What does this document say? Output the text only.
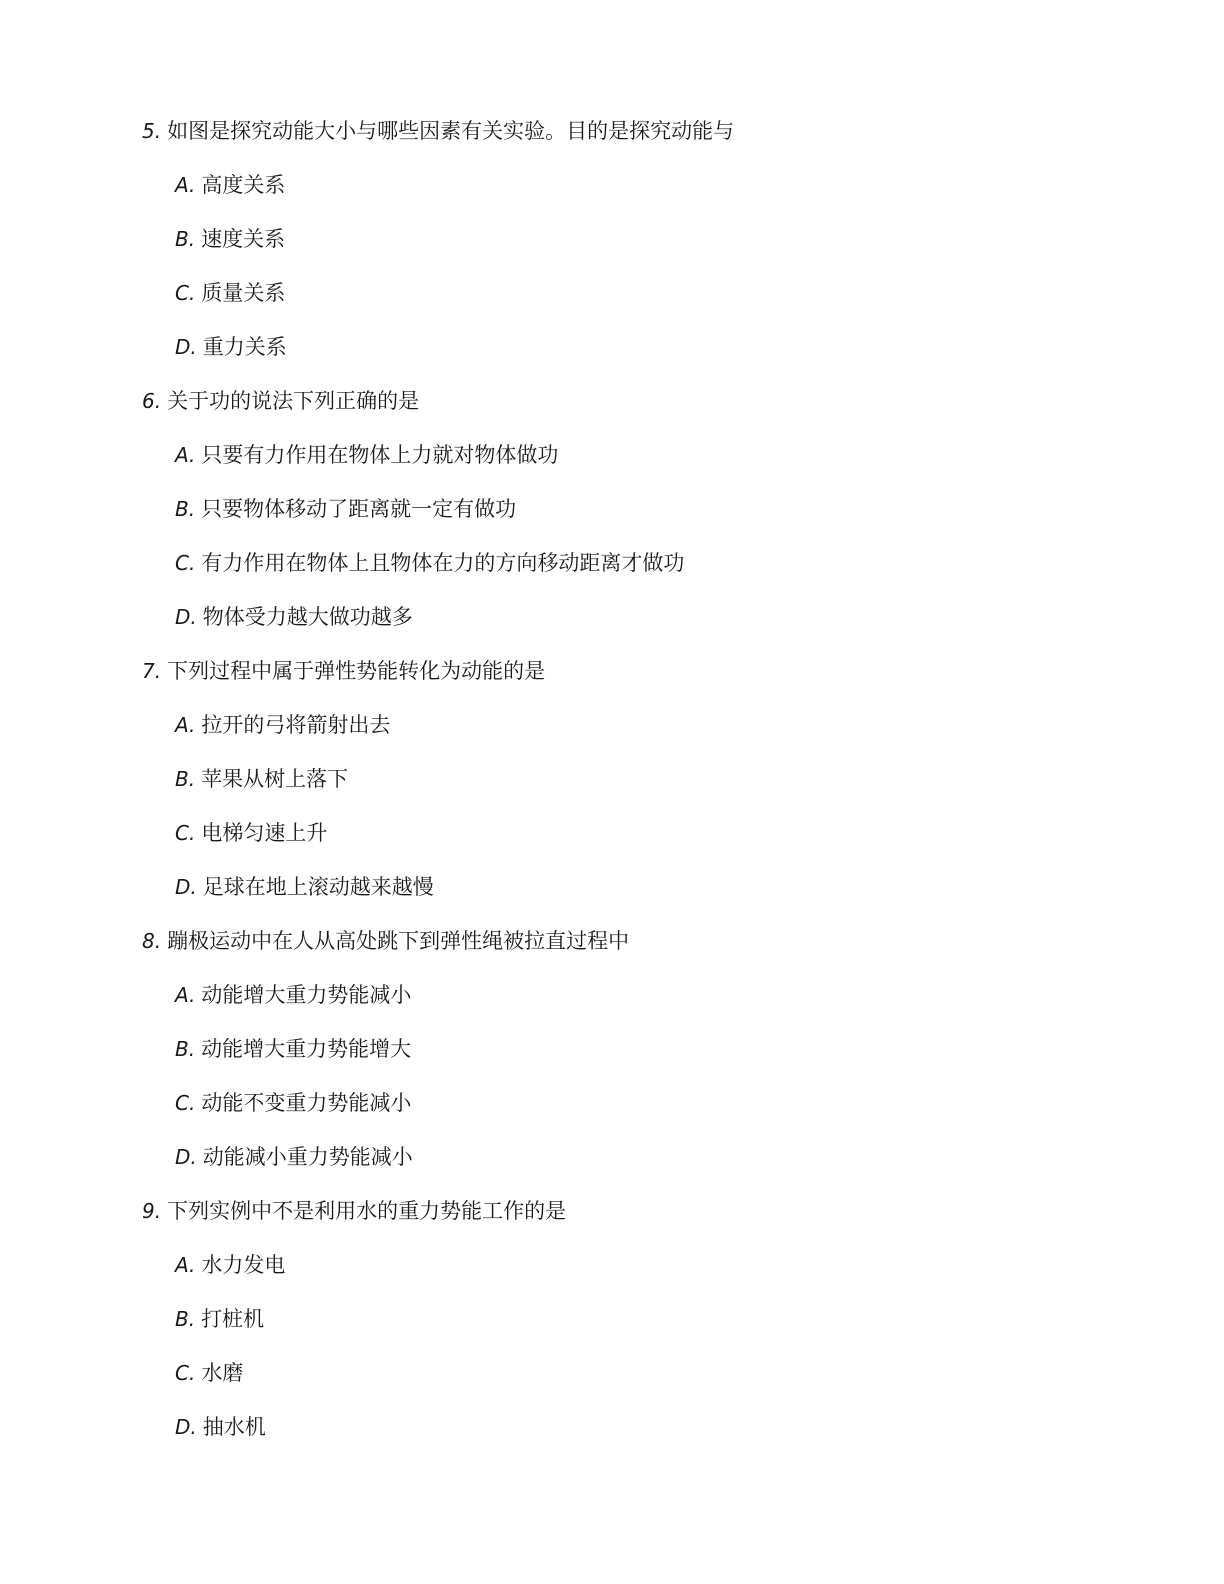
5. 如图是探究动能大小与哪些因素有关实验。目的是探究动能与
A. 高度关系
B. 速度关系
C. 质量关系
D. 重力关系
6. 关于功的说法下列正确的是
A. 只要有力作用在物体上力就对物体做功
B. 只要物体移动了距离就一定有做功
C. 有力作用在物体上且物体在力的方向移动距离才做功
D. 物体受力越大做功越多
7. 下列过程中属于弹性势能转化为动能的是
A. 拉开的弓将箭射出去
B. 苹果从树上落下
C. 电梯匀速上升
D. 足球在地上滚动越来越慢
8. 蹦极运动中在人从高处跳下到弹性绳被拉直过程中
A. 动能增大重力势能减小
B. 动能增大重力势能增大
C. 动能不变重力势能减小
D. 动能减小重力势能减小
9. 下列实例中不是利用水的重力势能工作的是
A. 水力发电
B. 打桩机
C. 水磨
D. 抽水机
